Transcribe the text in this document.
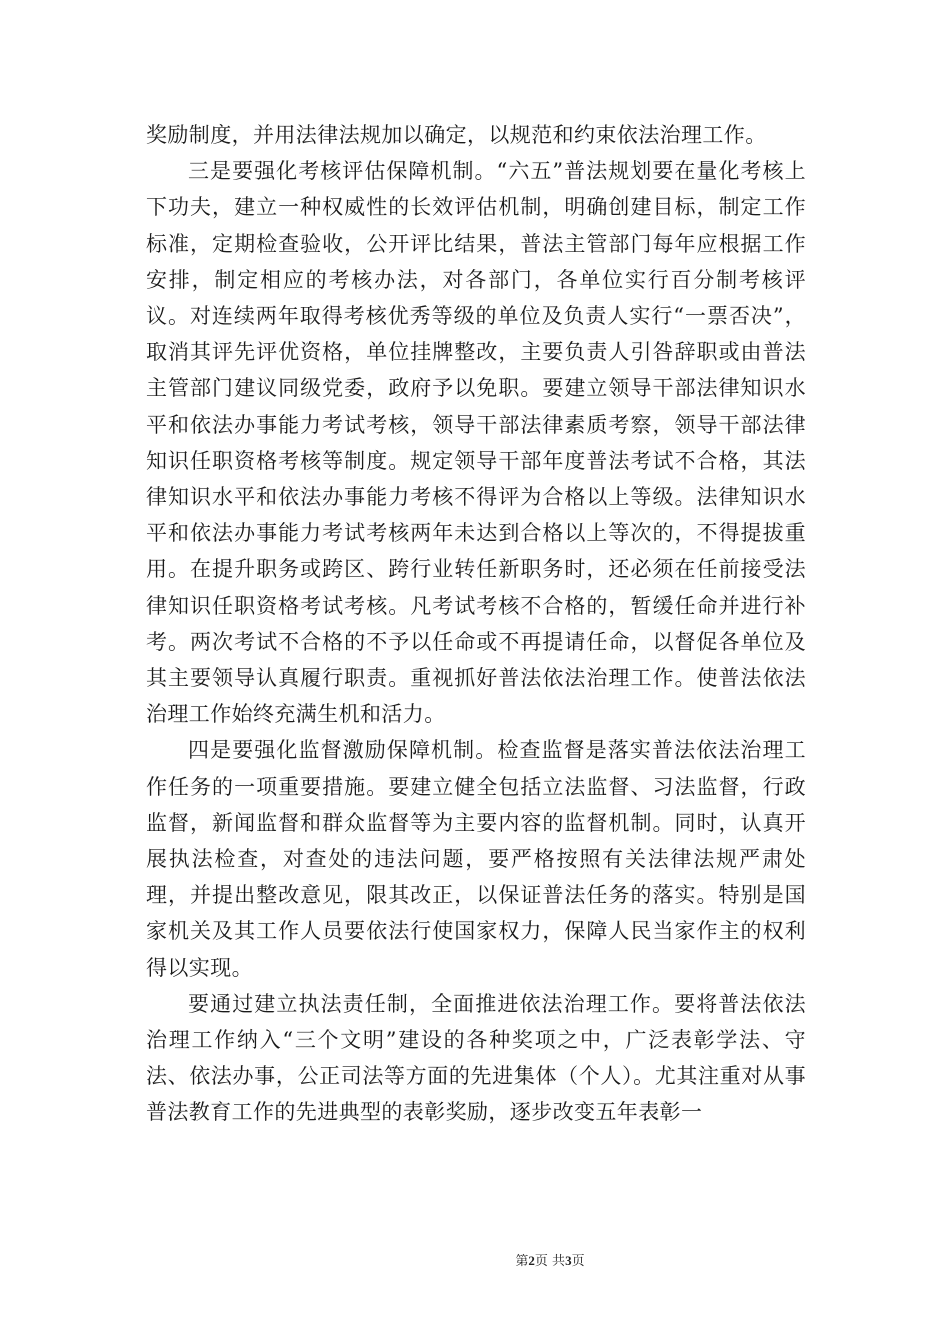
奖励制度，并用法律法规加以确定，以规范和约束依法治理工作。

三是要强化考核评估保障机制。“六五”普法规划要在量化考核上下功夫，建立一种权威性的长效评估机制，明确创建目标，制定工作标准，定期检查验收，公开评比结果，普法主管部门每年应根据工作安排，制定相应的考核办法，对各部门，各单位实行百分制考核评议。对连续两年取得考核优秀等级的单位及负责人实行“一票否决”，取消其评先评优资格，单位挂牌整改，主要负责人引咎辞职或由普法主管部门建议同级党委，政府予以免职。要建立领导干部法律知识水平和依法办事能力考试考核，领导干部法律素质考察，领导干部法律知识任职资格考核等制度。规定领导干部年度普法考试不合格，其法律知识水平和依法办事能力考核不得评为合格以上等级。法律知识水平和依法办事能力考试考核两年未达到合格以上等次的，不得提拔重用。在提升职务或跨区、跨行业转任新职务时，还必须在任前接受法律知识任职资格考试考核。凡考试考核不合格的，暂缓任命并进行补考。两次考试不合格的不予以任命或不再提请任命，以督促各单位及其主要领导认真履行职责。重视抓好普法依法治理工作。使普法依法治理工作始终充满生机和活力。

四是要强化监督激励保障机制。检查监督是落实普法依法治理工作任务的一项重要措施。要建立健全包括立法监督、习法监督，行政监督，新闻监督和群众监督等为主要内容的监督机制。同时，认真开展执法检查，对查处的违法问题，要严格按照有关法律法规严肃处理，并提出整改意见，限其改正，以保证普法任务的落实。特别是国家机关及其工作人员要依法行使国家权力，保障人民当家作主的权利得以实现。

要通过建立执法责任制，全面推进依法治理工作。要将普法依法治理工作纳入“三个文明”建设的各种奖项之中，广泛表彰学法、守法、依法办事，公正司法等方面的先进集体（个人）。尤其注重对从事普法教育工作的先进典型的表彰奖励，逐步改变五年表彰一

第2页 共3页
